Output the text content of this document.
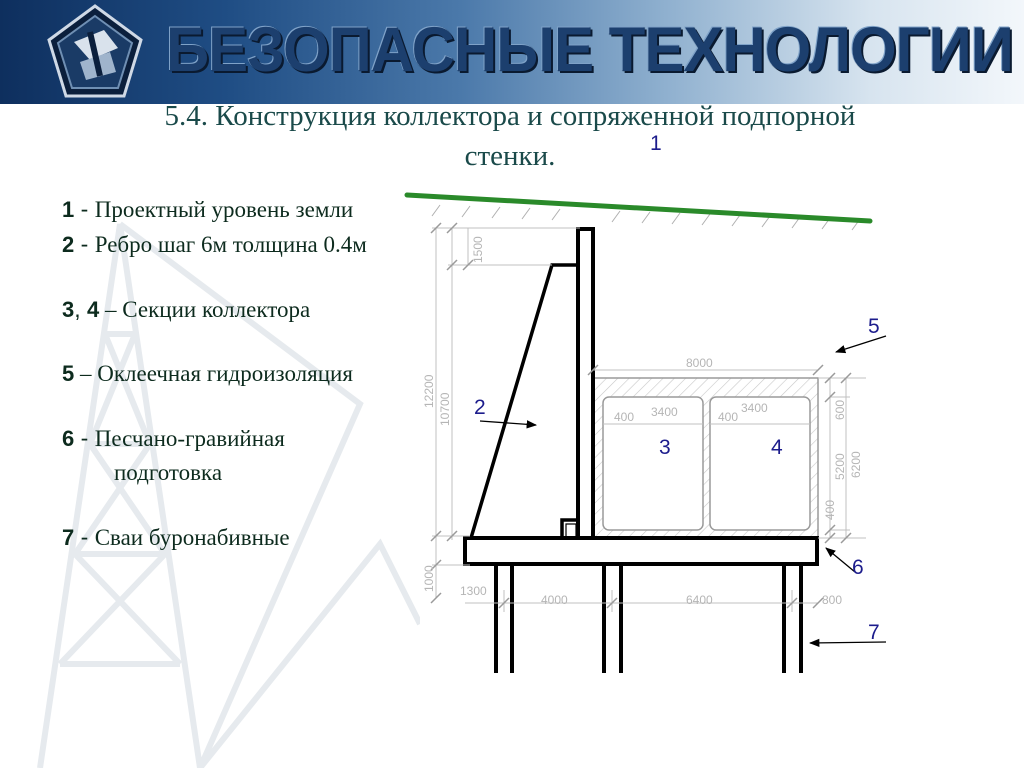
БЕЗОПАСНЫЕ ТЕХНОЛОГИИ
5.4. Конструкция коллектора и сопряженной подпорной
стенки.
1 - Проектный уровень земли
2 - Ребро шаг 6м толщина 0.4м
3, 4 – Секции коллектора
5 – Оклеечная гидроизоляция
6 - Песчано-гравийная подготовка
7 - Сваи буронабивные
12200
10700
1500
1000
8000
3400	3400
400	400
400
600
5200 6200
1300
4000	6400	800
1
2
3	4
5
6
7
